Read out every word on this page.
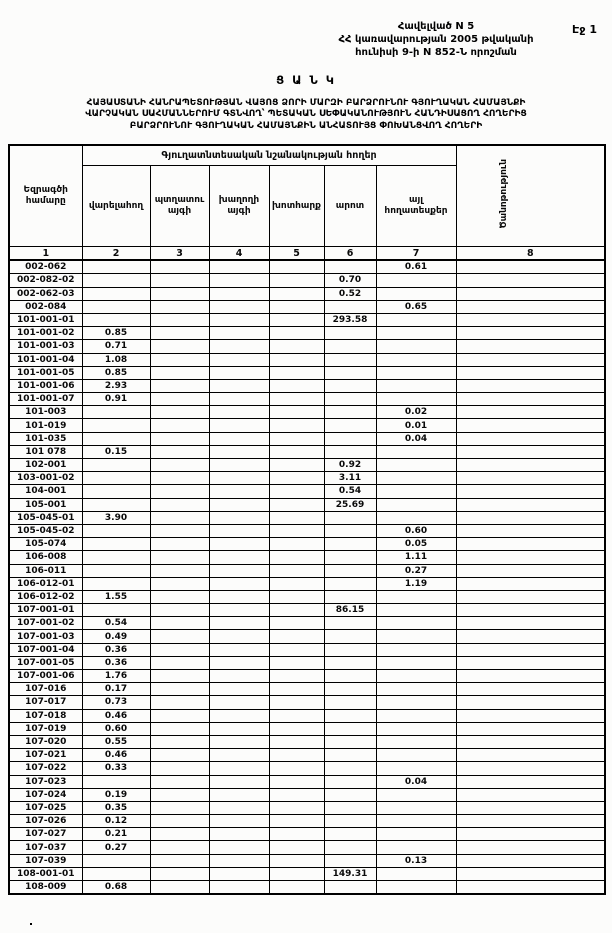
Էջ 1
Հավելված N 5
ՀՀ կառավարության 2005 թվականի
հունիսի 9-ի N 852-Ն որոշման
Ց Ա Ն Կ
ՀԱՅԱՍՏԱՆԻ ՀԱՆՐԱՊԵՏՈՒԹՅԱՆ ՎԱՅՈՑ ՁՈՐԻ ՄԱՐԶԻ ԲԱՐՁՐՈՒՆՈՒ ԳՅՈՒՂԱԿԱՆ ՀԱՄԱՅՆՔԻ
ՎԱՐՉԱԿԱՆ ՍԱՀՄԱՆՆԵՐՈՒՄ ԳՏՆՎՈՂ՝ ՊԵՏԱԿԱՆ ՍԵՓԱԿԱՆՈՒԹՅՈՒՆ ՀԱՆԴԻՍԱՑՈՂ ՀՈՂԵՐԻՑ
ԲԱՐՁՐՈՒՆՈՒ ԳՅՈՒՂԱԿԱՆ ՀԱՄԱՅՆՔԻՆ ԱՆՀԱՏՈՒՅՑ ՓՈԽԱՆՑՎՈՂ ՀՈՂԵՐԻ
Եզրագծի համարը	Գյուղատնտեսական նշանակության հողեր						Ծանոթություն
	վարելահող	պտղատու այգի	խաղողի այգի	խոտհարք	արոտ	այլ հողատեսքեր	
1	2	3	4	5	6	7	8
002-062						0.61	
002-082-02					0.70		
002-062-03					0.52		
002-084						0.65	
101-001-01					293.58		
101-001-02	0.85						
101-001-03	0.71						
101-001-04	1.08						
101-001-05	0.85						
101-001-06	2.93						
101-001-07	0.91						
101-003						0.02	
101-019						0.01	
101-035						0.04	
101 078	0.15						
102-001					0.92		
103-001-02					3.11		
104-001					0.54		
105-001					25.69		
105-045-01	3.90						
105-045-02						0.60	
105-074						0.05	
106-008						1.11	
106-011						0.27	
106-012-01						1.19	
106-012-02	1.55						
107-001-01					86.15		
107-001-02	0.54						
107-001-03	0.49						
107-001-04	0.36						
107-001-05	0.36						
107-001-06	1.76						
107-016	0.17						
107-017	0.73						
107-018	0.46						
107-019	0.60						
107-020	0.55						
107-021	0.46						
107-022	0.33						
107-023						0.04	
107-024	0.19						
107-025	0.35						
107-026	0.12						
107-027	0.21						
107-037	0.27						
107-039						0.13	
108-001-01					149.31		
108-009	0.68						
